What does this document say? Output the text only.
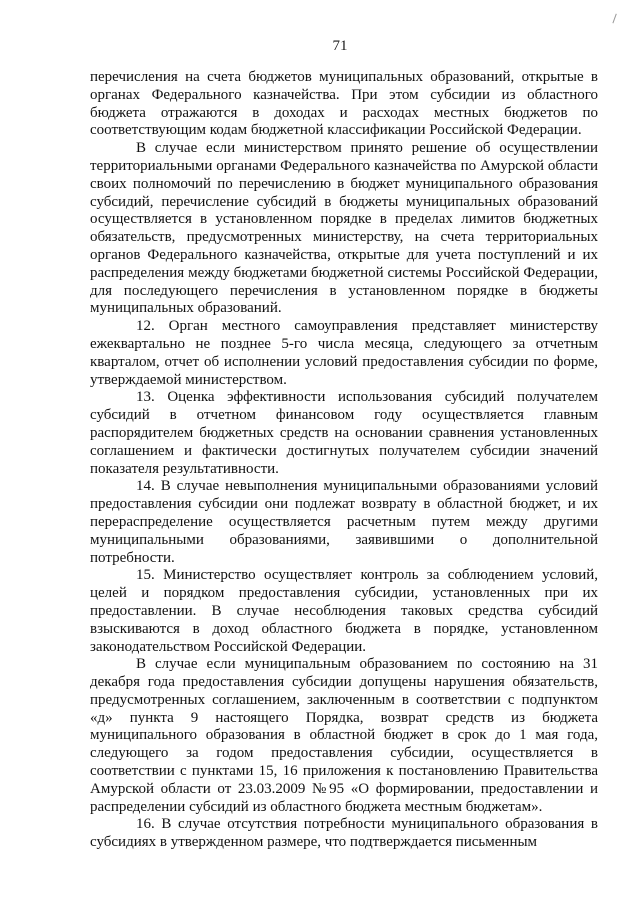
71

перечисления на счета бюджетов муниципальных образований, открытые в органах Федерального казначейства. При этом субсидии из областного бюджета отражаются в доходах и расходах местных бюджетов по соответствующим кодам бюджетной классификации Российской Федерации.

В случае если министерством принято решение об осуществлении территориальными органами Федерального казначейства по Амурской области своих полномочий по перечислению в бюджет муниципального образования субсидий, перечисление субсидий в бюджеты муниципальных образований осуществляется в установленном порядке в пределах лимитов бюджетных обязательств, предусмотренных министерству, на счета территориальных органов Федерального казначейства, открытые для учета поступлений и их распределения между бюджетами бюджетной системы Российской Федерации, для последующего перечисления в установленном порядке в бюджеты муниципальных образований.

12. Орган местного самоуправления представляет министерству ежеквартально не позднее 5-го числа месяца, следующего за отчетным кварталом, отчет об исполнении условий предоставления субсидии по форме, утверждаемой министерством.

13. Оценка эффективности использования субсидий получателем субсидий в отчетном финансовом году осуществляется главным распорядителем бюджетных средств на основании сравнения установленных соглашением и фактически достигнутых получателем субсидии значений показателя результативности.

14. В случае невыполнения муниципальными образованиями условий предоставления субсидии они подлежат возврату в областной бюджет, и их перераспределение осуществляется расчетным путем между другими муниципальными образованиями, заявившими о дополнительной потребности.

15. Министерство осуществляет контроль за соблюдением условий, целей и порядком предоставления субсидии, установленных при их предоставлении. В случае несоблюдения таковых средства субсидий взыскиваются в доход областного бюджета в порядке, установленном законодательством Российской Федерации.

В случае если муниципальным образованием по состоянию на 31 декабря года предоставления субсидии допущены нарушения обязательств, предусмотренных соглашением, заключенным в соответствии с подпунктом «д» пункта 9 настоящего Порядка, возврат средств из бюджета муниципального образования в областной бюджет в срок до 1 мая года, следующего за годом предоставления субсидии, осуществляется в соответствии с пунктами 15, 16 приложения к постановлению Правительства Амурской области от 23.03.2009 №95 «О формировании, предоставлении и распределении субсидий из областного бюджета местным бюджетам».

16. В случае отсутствия потребности муниципального образования в субсидиях в утвержденном размере, что подтверждается письменным
